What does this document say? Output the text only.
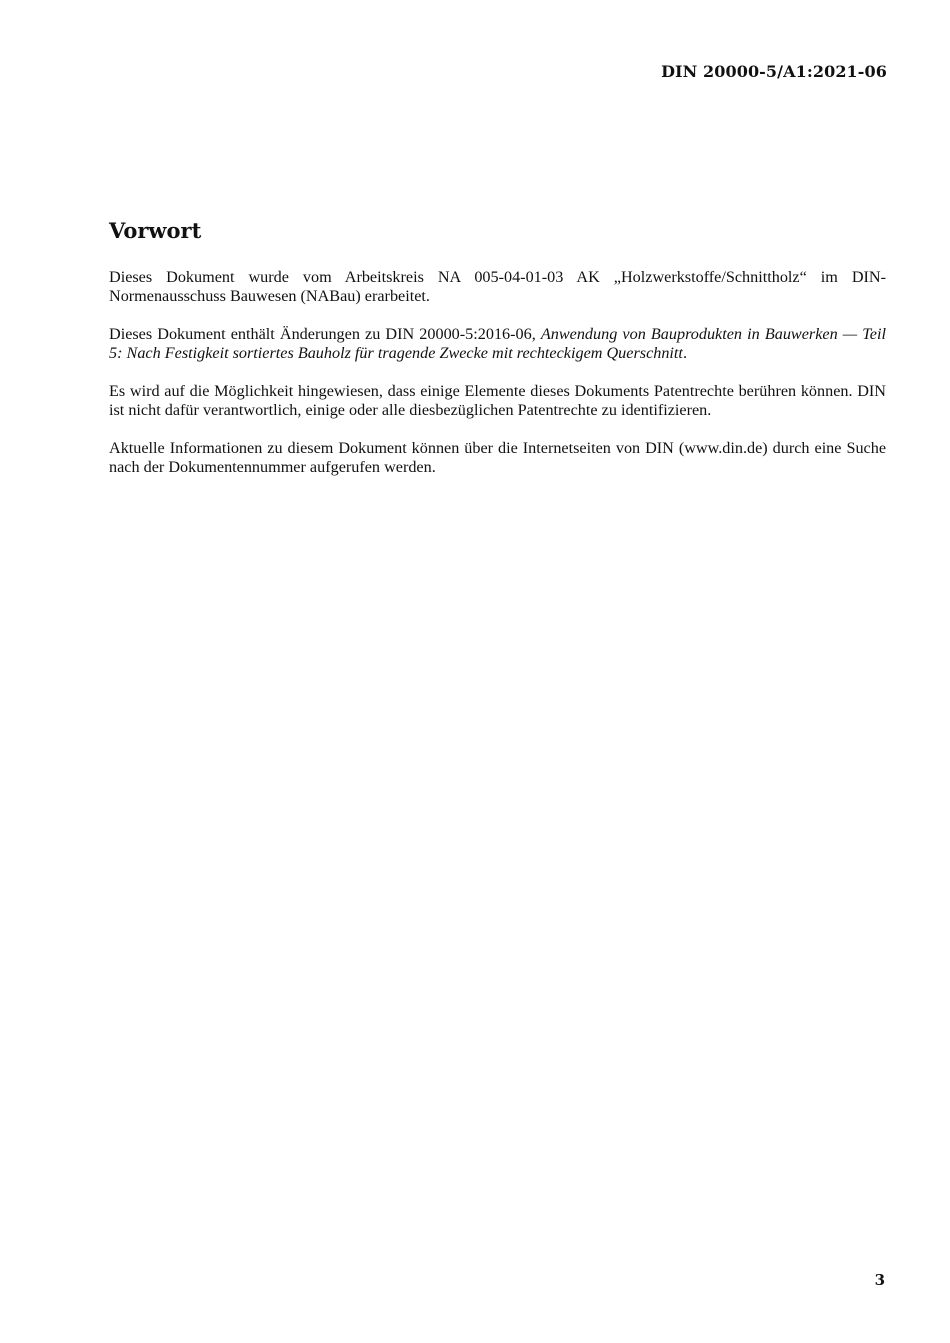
DIN 20000-5/A1:2021-06
Vorwort

Dieses Dokument wurde vom Arbeitskreis NA 005-04-01-03 AK „Holzwerkstoffe/Schnittholz“ im DIN-Normenausschuss Bauwesen (NABau) erarbeitet.

Dieses Dokument enthält Änderungen zu DIN 20000-5:2016-06, Anwendung von Bauprodukten in Bauwerken — Teil 5: Nach Festigkeit sortiertes Bauholz für tragende Zwecke mit rechteckigem Querschnitt.

Es wird auf die Möglichkeit hingewiesen, dass einige Elemente dieses Dokuments Patentrechte berühren können. DIN ist nicht dafür verantwortlich, einige oder alle diesbezüglichen Patentrechte zu identifizieren.

Aktuelle Informationen zu diesem Dokument können über die Internetseiten von DIN (www.din.de) durch eine Suche nach der Dokumentennummer aufgerufen werden.

3
